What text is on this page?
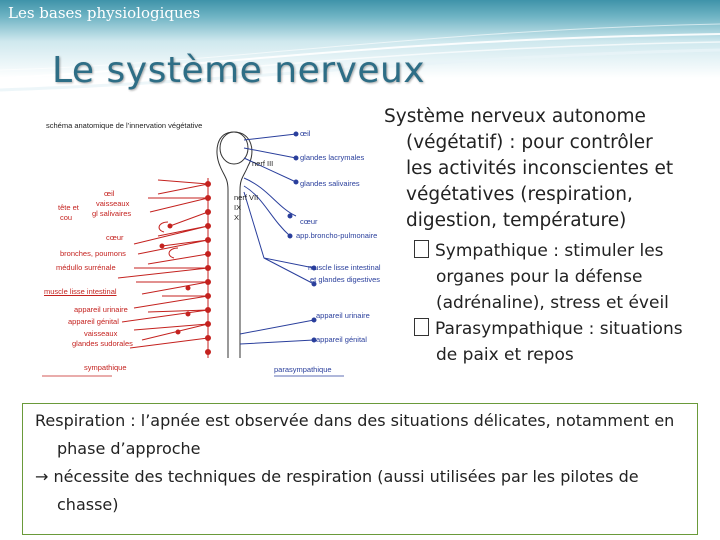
Les bases physiologiques
Le système nerveux
schéma anatomique de l’innervation végétative
tête et
cou
œil
vaisseaux
gl salivaires
cœur
bronches, poumons
médullo surrénale
muscle lisse intestinal
appareil urinaire
appareil génital
vaisseaux
glandes sudorales
sympathique
nerf III
nerf VII
IX
X
œil
glandes lacrymales
glandes salivaires
cœur
app.broncho-pulmonaire
muscle lisse intestinal
et glandes digestives
appareil urinaire
appareil génital
parasympathique

Système nerveux autonome (végétatif) : pour contrôler les activités inconscientes et végétatives (respiration, digestion, température)

Sympathique : stimuler les organes pour la défense (adrénaline), stress et éveil
Parasympathique : situations de paix et repos

Respiration : l’apnée est observée dans des situations délicates, notamment en phase d’approche

→ nécessite des techniques de respiration (aussi utilisées par les pilotes de chasse)
